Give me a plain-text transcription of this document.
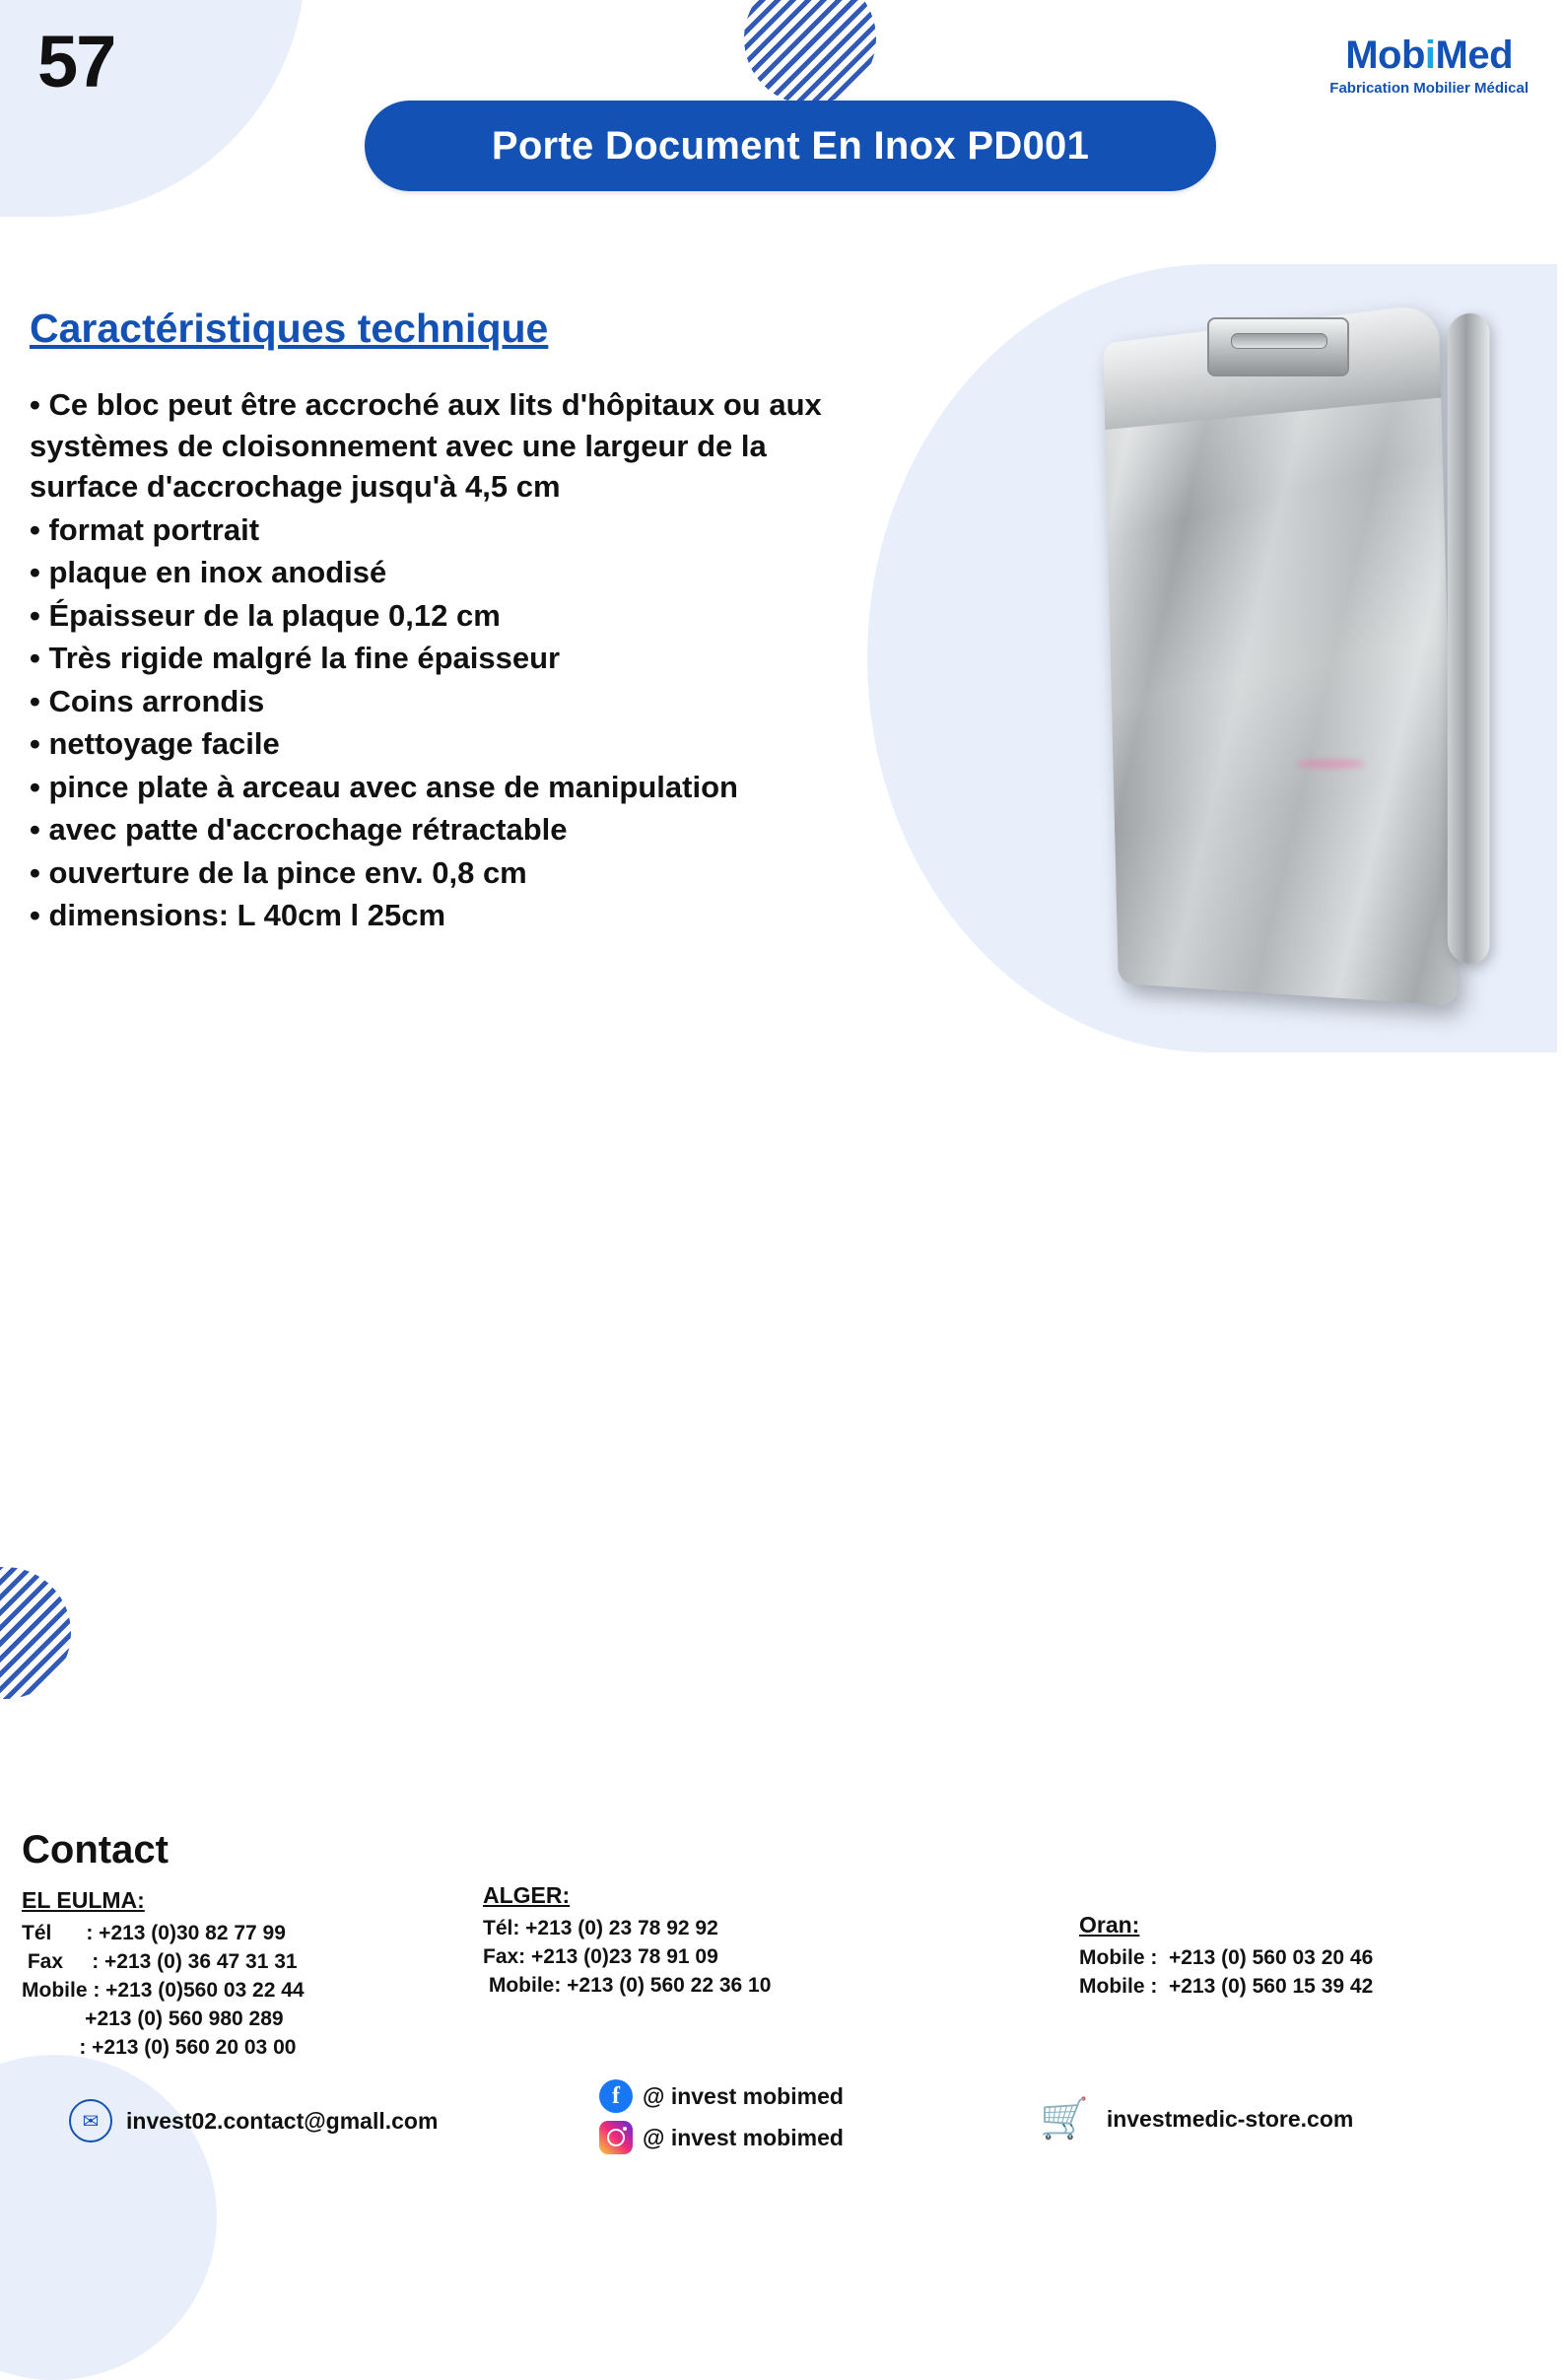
57
Porte Document En Inox PD001
MobiMed
Fabrication Mobilier Médical
Caractéristiques technique

• Ce bloc peut être accroché aux lits d'hôpitaux ou aux systèmes de cloisonnement avec une largeur de la surface d'accrochage jusqu'à 4,5 cm

• format portrait

• plaque en inox anodisé

• Épaisseur de la plaque 0,12 cm

• Très rigide malgré la fine épaisseur

• Coins arrondis

• nettoyage facile

• pince plate à arceau avec anse de manipulation

• avec patte d'accrochage rétractable

• ouverture de la pince env. 0,8 cm

• dimensions: L 40cm l 25cm

Contact
EL EULMA:
Tél      : +213 (0)30 82 77 99
Fax     : +213 (0) 36 47 31 31
Mobile : +213 (0)560 03 22 44
+213 (0) 560 980 289
: +213 (0) 560 20 03 00
ALGER:
Tél: +213 (0) 23 78 92 92
Fax: +213 (0)23 78 91 09
Mobile: +213 (0) 560 22 36 10
Oran:
Mobile :  +213 (0) 560 03 20 46
Mobile :  +213 (0) 560 15 39 42
✉	invest02.contact@gmall.com
f	@ invest mobimed
@ invest mobimed	🛒 investmedic-store.com
